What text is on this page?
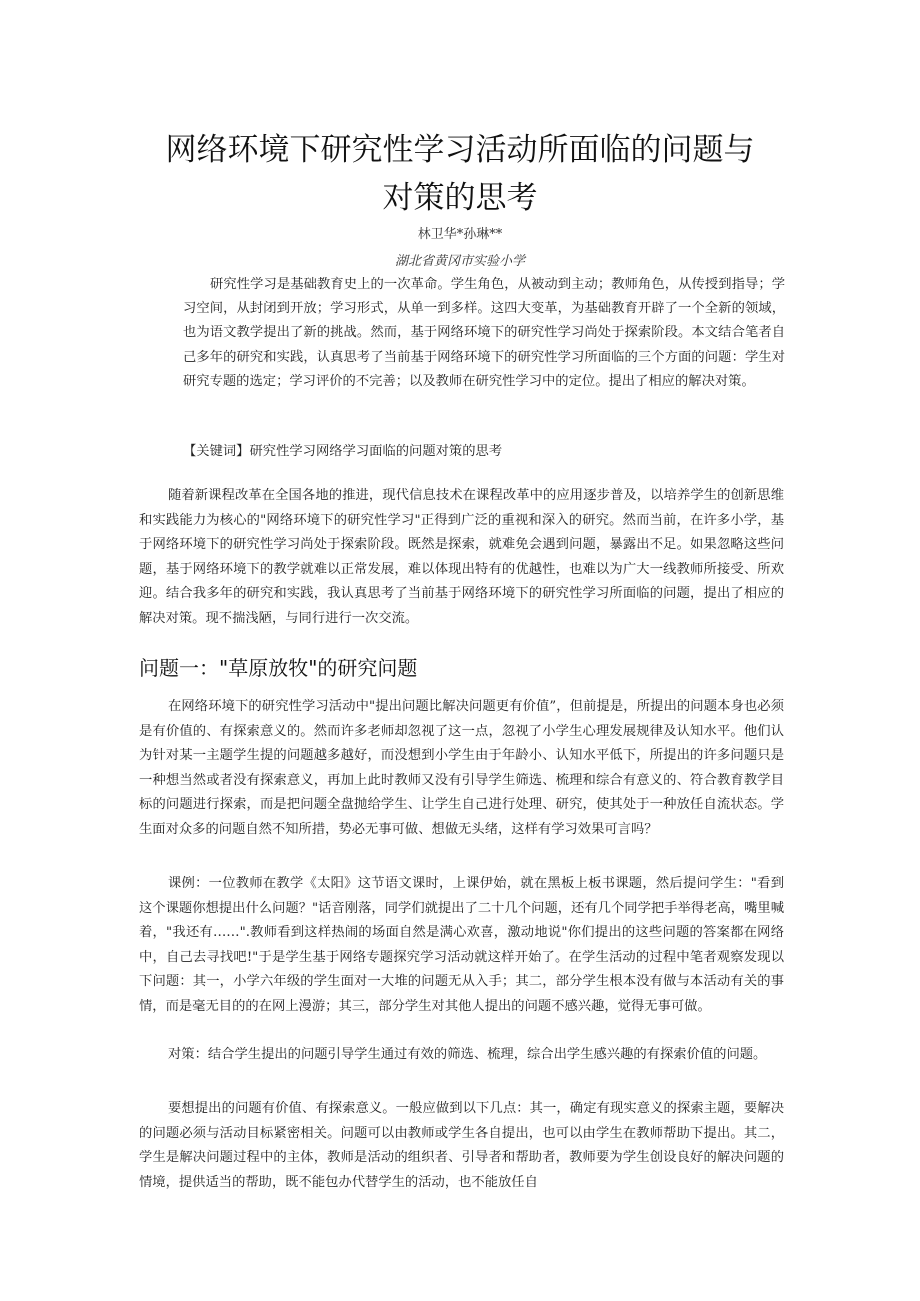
网络环境下研究性学习活动所面临的问题与
对策的思考
林卫华*孙琳**
湖北省黄冈市实验小学

研究性学习是基础教育史上的一次革命。学生角色，从被动到主动；教师角色，从传授到指导；学习空间，从封闭到开放；学习形式，从单一到多样。这四大变革，为基础教育开辟了一个全新的领域，也为语文教学提出了新的挑战。然而，基于网络环境下的研究性学习尚处于探索阶段。本文结合笔者自己多年的研究和实践，认真思考了当前基于网络环境下的研究性学习所面临的三个方面的问题：学生对研究专题的选定；学习评价的不完善；以及教师在研究性学习中的定位。提出了相应的解决对策。

【关键词】研究性学习网络学习面临的问题对策的思考

随着新课程改革在全国各地的推进，现代信息技术在课程改革中的应用逐步普及，以培养学生的创新思维和实践能力为核心的"网络环境下的研究性学习"正得到广泛的重视和深入的研究。然而当前，在许多小学，基于网络环境下的研究性学习尚处于探索阶段。既然是探索，就难免会遇到问题，暴露出不足。如果忽略这些问题，基于网络环境下的教学就难以正常发展，难以体现出特有的优越性，也难以为广大一线教师所接受、所欢迎。结合我多年的研究和实践，我认真思考了当前基于网络环境下的研究性学习所面临的问题，提出了相应的解决对策。现不揣浅陋，与同行进行一次交流。

问题一："草原放牧"的研究问题

在网络环境下的研究性学习活动中"提出问题比解决问题更有价值”，但前提是，所提出的问题本身也必须是有价值的、有探索意义的。然而许多老师却忽视了这一点，忽视了小学生心理发展规律及认知水平。他们认为针对某一主题学生提的问题越多越好，而没想到小学生由于年龄小、认知水平低下，所提出的许多问题只是一种想当然或者没有探索意义，再加上此时教师又没有引导学生筛选、梳理和综合有意义的、符合教育教学目标的问题进行探索，而是把问题全盘抛给学生、让学生自己进行处理、研究，使其处于一种放任自流状态。学生面对众多的问题自然不知所措，势必无事可做、想做无头绪，这样有学习效果可言吗？

课例：一位教师在教学《太阳》这节语文课时，上课伊始，就在黑板上板书课题，然后提问学生："看到这个课题你想提出什么问题？"话音刚落，同学们就提出了二十几个问题，还有几个同学把手举得老高，嘴里喊着，"我还有……".教师看到这样热闹的场面自然是满心欢喜，激动地说"你们提出的这些问题的答案都在网络中，自己去寻找吧!"于是学生基于网络专题探究学习活动就这样开始了。在学生活动的过程中笔者观察发现以下问题：其一，小学六年级的学生面对一大堆的问题无从入手；其二，部分学生根本没有做与本活动有关的事情，而是毫无目的的在网上漫游；其三，部分学生对其他人提出的问题不感兴趣，觉得无事可做。

对策：结合学生提出的问题引导学生通过有效的筛选、梳理，综合出学生感兴趣的有探索价值的问题。

要想提出的问题有价值、有探索意义。一般应做到以下几点：其一，确定有现实意义的探索主题，要解决的问题必须与活动目标紧密相关。问题可以由教师或学生各自提出，也可以由学生在教师帮助下提出。其二，学生是解决问题过程中的主体，教师是活动的组织者、引导者和帮助者，教师要为学生创设良好的解决问题的情境，提供适当的帮助，既不能包办代替学生的活动，也不能放任自
